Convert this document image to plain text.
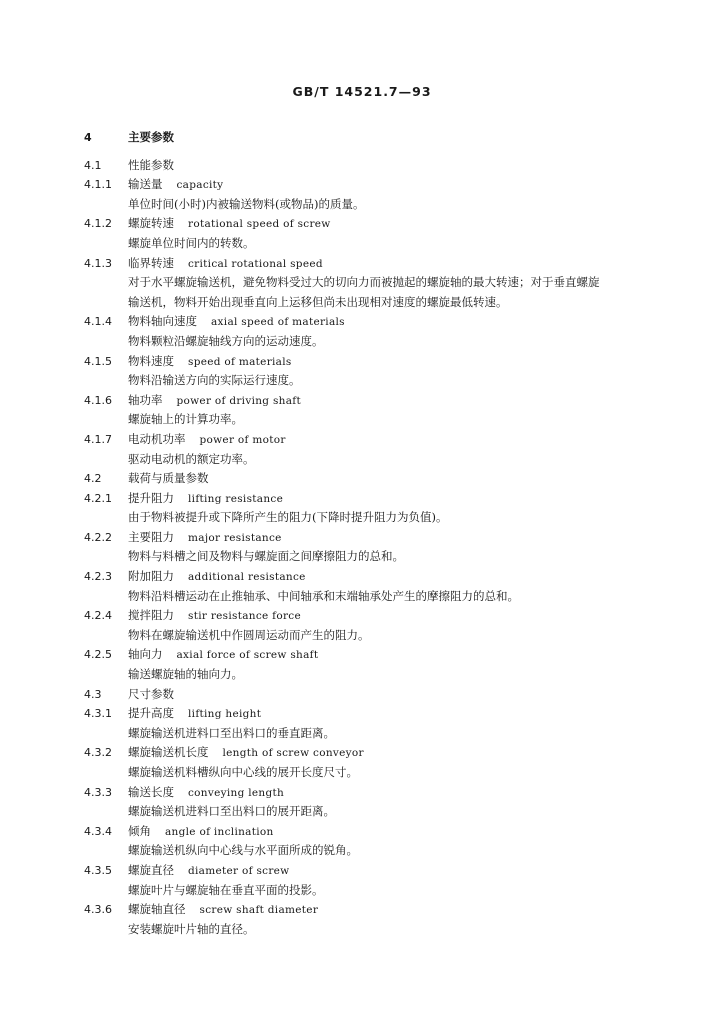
GB/T 14521.7—93
4	主要参数
4.1 性能参数
4.1.1 输送量 capacity
单位时间(小时)内被输送物料(或物品)的质量。
4.1.2 螺旋转速 rotational speed of screw
螺旋单位时间内的转数。
4.1.3 临界转速 critical rotational speed
对于水平螺旋输送机，避免物料受过大的切向力而被抛起的螺旋轴的最大转速；对于垂直螺旋
输送机，物料开始出现垂直向上运移但尚未出现相对速度的螺旋最低转速。
4.1.4 物料轴向速度 axial speed of materials
物料颗粒沿螺旋轴线方向的运动速度。
4.1.5 物料速度 speed of materials
物料沿输送方向的实际运行速度。
4.1.6 轴功率 power of driving shaft
螺旋轴上的计算功率。
4.1.7 电动机功率 power of motor
驱动电动机的额定功率。
4.2 载荷与质量参数
4.2.1 提升阻力 lifting resistance
由于物料被提升或下降所产生的阻力(下降时提升阻力为负值)。
4.2.2 主要阻力 major resistance
物料与料槽之间及物料与螺旋面之间摩擦阻力的总和。
4.2.3 附加阻力 additional resistance
物料沿料槽运动在止推轴承、中间轴承和末端轴承处产生的摩擦阻力的总和。
4.2.4 搅拌阻力 stir resistance force
物料在螺旋输送机中作圆周运动而产生的阻力。
4.2.5 轴向力 axial force of screw shaft
输送螺旋轴的轴向力。
4.3 尺寸参数
4.3.1 提升高度 lifting height
螺旋输送机进料口至出料口的垂直距离。
4.3.2 螺旋输送机长度 length of screw conveyor
螺旋输送机料槽纵向中心线的展开长度尺寸。
4.3.3 输送长度 conveying length
螺旋输送机进料口至出料口的展开距离。
4.3.4 倾角 angle of inclination
螺旋输送机纵向中心线与水平面所成的锐角。
4.3.5 螺旋直径 diameter of screw
螺旋叶片与螺旋轴在垂直平面的投影。
4.3.6 螺旋轴直径 screw shaft diameter
安装螺旋叶片轴的直径。
